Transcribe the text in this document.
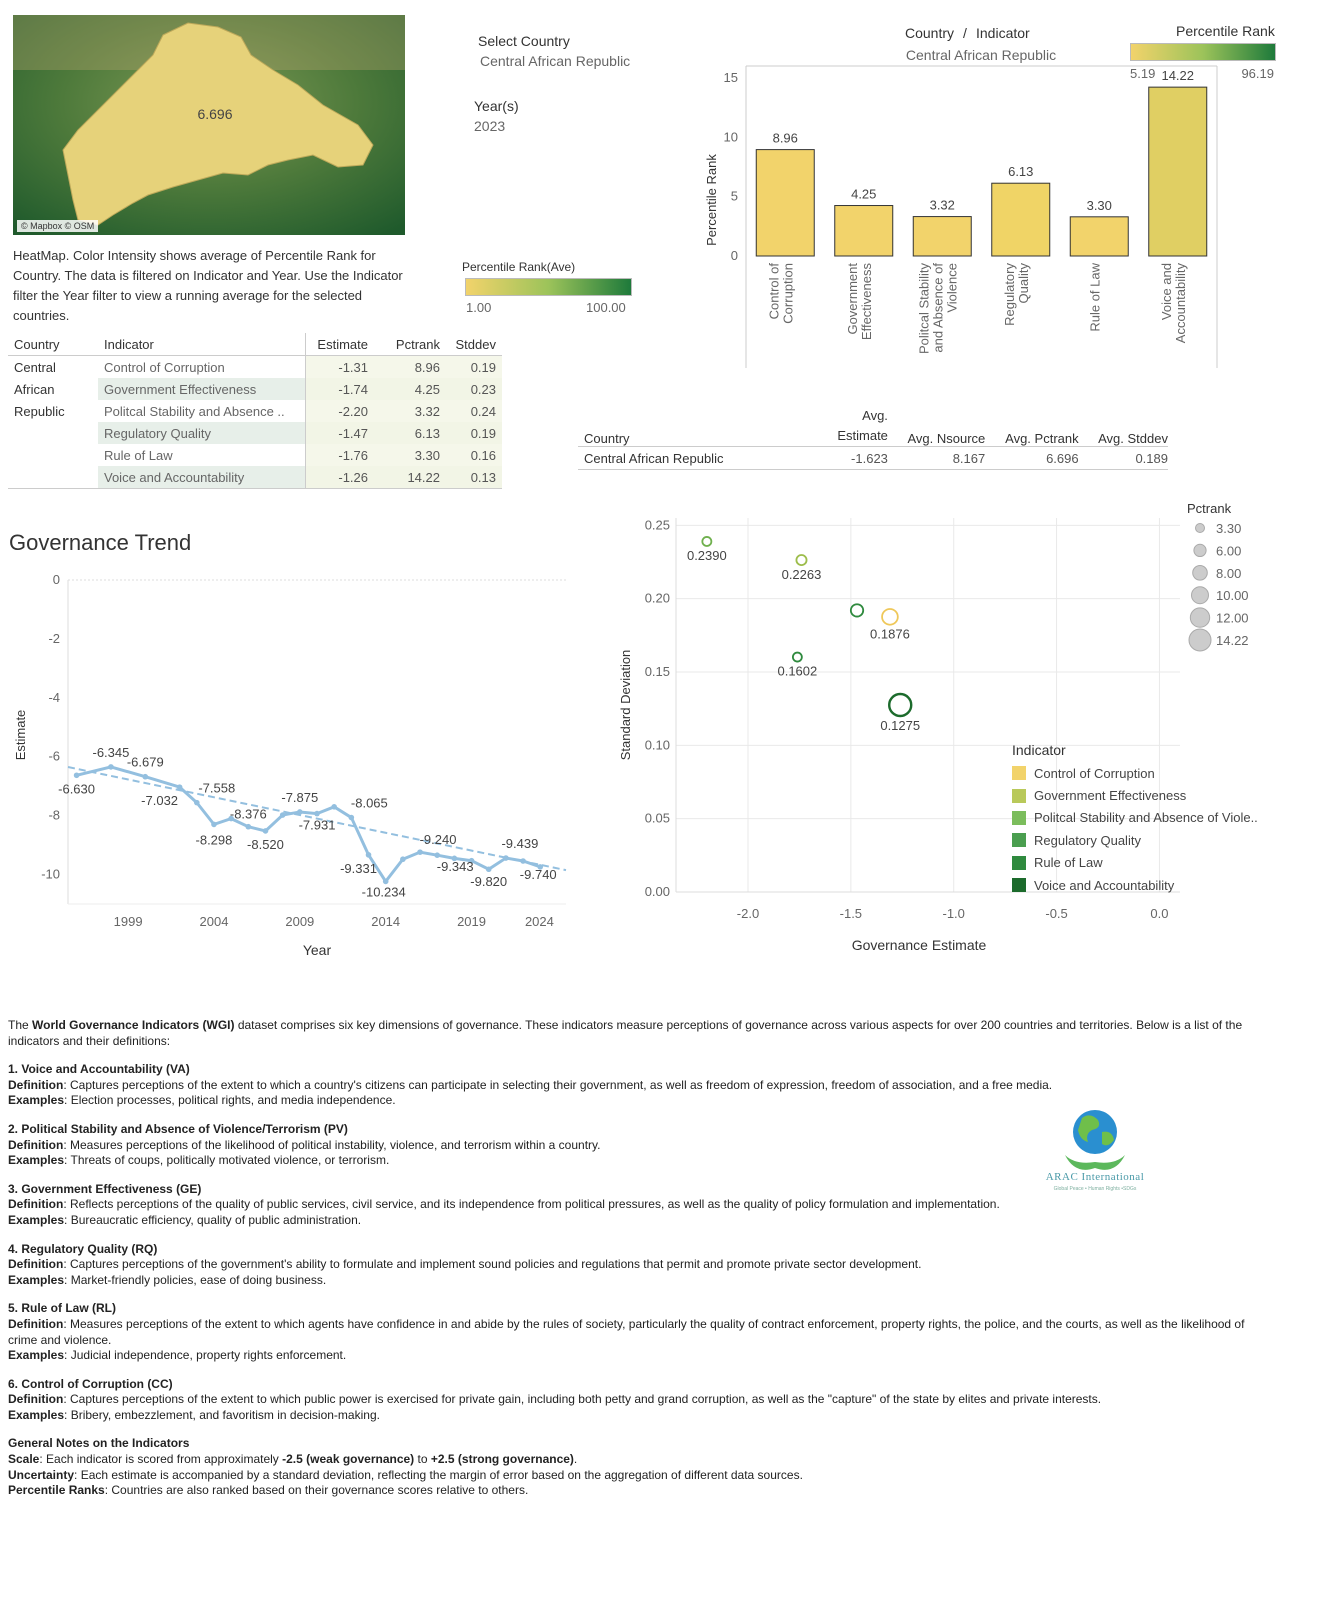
6.696
© Mapbox © OSM
HeatMap. Color Intensity shows average of Percentile Rank for Country. The data is filtered on Indicator and Year. Use the Indicator filter the Year filter to view a running average for the selected countries.
Select Country
Central African Republic
Year(s)
2023
Percentile Rank(Ave)
1.00	100.00
Country	Indicator	Estimate	Pctrank	Stddev
Central	Control of Corruption	-1.31	8.96	0.19
African	Government Effectiveness	-1.74	4.25	0.23
Republic	Politcal Stability and Absence ..	-2.20	3.32	0.24
	Regulatory Quality	-1.47	6.13	0.19
	Rule of Law	-1.76	3.30	0.16
	Voice and Accountability	-1.26	14.22	0.13
Country
Avg.
Estimate	Avg. Nsource	Avg. Pctrank	Avg. Stddev
Central African Republic	-1.623	8.167	6.696	0.189
Percentile Rank
Country / Indicator
Central African Republic
Percentile Rank
5.19	96.19
0
5
10
15
8.96
Control of Corruption
4.25
Government Effectiveness
3.32
Politcal Stability and Absence of Violence
6.13
Regulatory Quality
3.30
Rule of Law
14.22
Voice and Accountability
Governance Trend
Estimate
Year
0
-2
-4
-6
-8
-10
1999	2004	2009	2014	2019	2024
-6.630
-6.345
-6.679
-7.032
-7.558
-8.298
-8.376
-8.520
-7.875
-7.931
-8.065
-9.331
-10.234
-9.240
-9.343
-9.820
-9.439
-9.740
Standard Deviation
Governance Estimate
Pctrank
-2.0	-1.5	-1.0	-0.5	0.0
0.00
0.05
0.10
0.15
0.20
0.25
0.2390
0.2263
0.1876
0.1602
0.1275
3.30
6.00
8.00
10.00
12.00
14.22
Indicator
Control of Corruption
Government Effectiveness
Politcal Stability and Absence of Viole..
Regulatory Quality
Rule of Law
Voice and Accountability
ARAC International
Global Peace • Human Rights •SDGs

The World Governance Indicators (WGI) dataset comprises six key dimensions of governance. These indicators measure perceptions of governance across various aspects for over 200 countries and territories. Below is a list of the indicators and their definitions:

1. Voice and Accountability (VA)

Definition: Captures perceptions of the extent to which a country's citizens can participate in selecting their government, as well as freedom of expression, freedom of association, and a free media.

Examples: Election processes, political rights, and media independence.

2. Political Stability and Absence of Violence/Terrorism (PV)

Definition: Measures perceptions of the likelihood of political instability, violence, and terrorism within a country.

Examples: Threats of coups, politically motivated violence, or terrorism.

3. Government Effectiveness (GE)

Definition: Reflects perceptions of the quality of public services, civil service, and its independence from political pressures, as well as the quality of policy formulation and implementation.

Examples: Bureaucratic efficiency, quality of public administration.

4. Regulatory Quality (RQ)

Definition: Captures perceptions of the government's ability to formulate and implement sound policies and regulations that permit and promote private sector development.

Examples: Market-friendly policies, ease of doing business.

5. Rule of Law (RL)

Definition: Measures perceptions of the extent to which agents have confidence in and abide by the rules of society, particularly the quality of contract enforcement, property rights, the police, and the courts, as well as the likelihood of crime and violence.

Examples: Judicial independence, property rights enforcement.

6. Control of Corruption (CC)

Definition: Captures perceptions of the extent to which public power is exercised for private gain, including both petty and grand corruption, as well as the "capture" of the state by elites and private interests.

Examples: Bribery, embezzlement, and favoritism in decision-making.

General Notes on the Indicators

Scale: Each indicator is scored from approximately -2.5 (weak governance) to +2.5 (strong governance).

Uncertainty: Each estimate is accompanied by a standard deviation, reflecting the margin of error based on the aggregation of different data sources.

Percentile Ranks: Countries are also ranked based on their governance scores relative to others.
